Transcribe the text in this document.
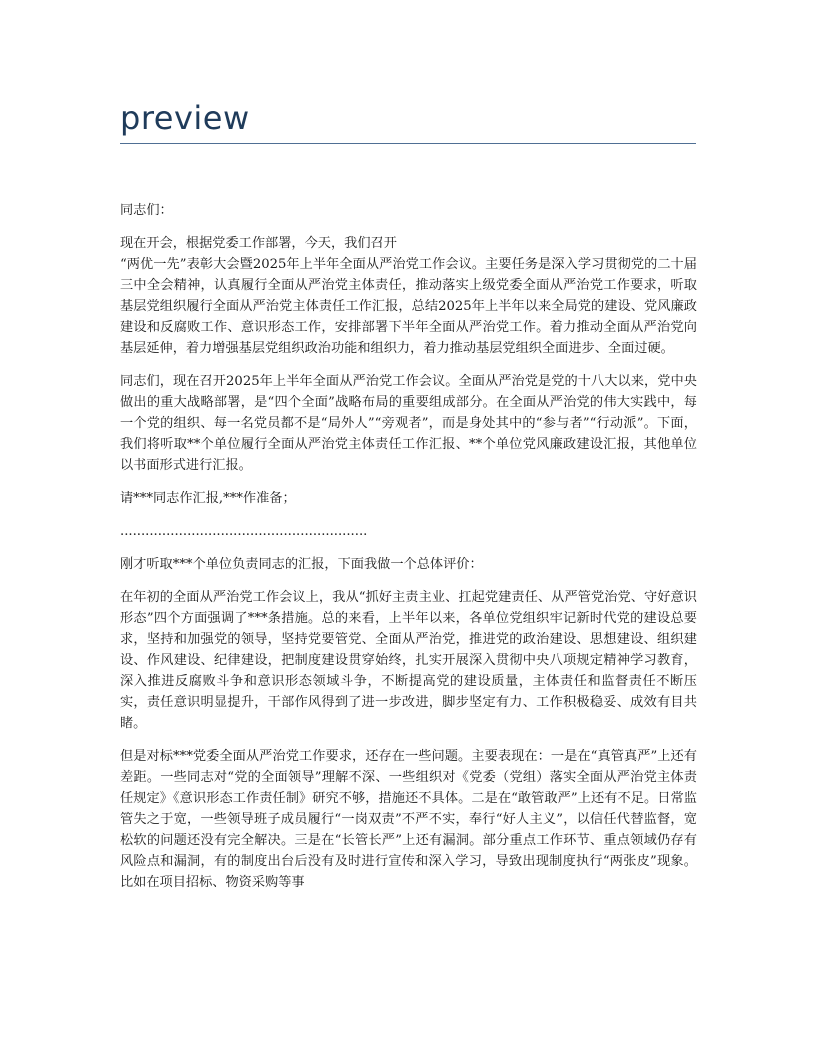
preview

同志们：

现在开会，根据党委工作部署，今天，我们召开

“两优一先”表彰大会暨2025年上半年全面从严治党工作会议。主要任务是深入学习贯彻党的二十届三中全会精神，认真履行全面从严治党主体责任，推动落实上级党委全面从严治党工作要求，听取基层党组织履行全面从严治党主体责任工作汇报，总结2025年上半年以来全局党的建设、党风廉政建设和反腐败工作、意识形态工作，安排部署下半年全面从严治党工作。着力推动全面从严治党向基层延伸，着力增强基层党组织政治功能和组织力，着力推动基层党组织全面进步、全面过硬。

同志们，现在召开2025年上半年全面从严治党工作会议。全面从严治党是党的十八大以来，党中央做出的重大战略部署，是“四个全面”战略布局的重要组成部分。在全面从严治党的伟大实践中，每一个党的组织、每一名党员都不是“局外人”“旁观者”，而是身处其中的“参与者”“行动派”。下面，我们将听取**个单位履行全面从严治党主体责任工作汇报、**个单位党风廉政建设汇报，其他单位以书面形式进行汇报。

请***同志作汇报,***作准备；

...........................................................

刚才听取***个单位负责同志的汇报，下面我做一个总体评价：

在年初的全面从严治党工作会议上，我从“抓好主责主业、扛起党建责任、从严管党治党、守好意识形态”四个方面强调了***条措施。总的来看，上半年以来，各单位党组织牢记新时代党的建设总要求，坚持和加强党的领导，坚持党要管党、全面从严治党，推进党的政治建设、思想建设、组织建设、作风建设、纪律建设，把制度建设贯穿始终，扎实开展深入贯彻中央八项规定精神学习教育，深入推进反腐败斗争和意识形态领域斗争，不断提高党的建设质量，主体责任和监督责任不断压实，责任意识明显提升，干部作风得到了进一步改进，脚步坚定有力、工作积极稳妥、成效有目共睹。

但是对标***党委全面从严治党工作要求，还存在一些问题。主要表现在：一是在“真管真严”上还有差距。一些同志对“党的全面领导”理解不深、一些组织对《党委（党组）落实全面从严治党主体责任规定》《意识形态工作责任制》研究不够，措施还不具体。二是在“敢管敢严”上还有不足。日常监管失之于宽，一些领导班子成员履行“一岗双责”不严不实，奉行“好人主义”，以信任代替监督，宽松软的问题还没有完全解决。三是在“长管长严”上还有漏洞。部分重点工作环节、重点领域仍存有风险点和漏洞，有的制度出台后没有及时进行宣传和深入学习，导致出现制度执行“两张皮”现象。比如在项目招标、物资采购等事
